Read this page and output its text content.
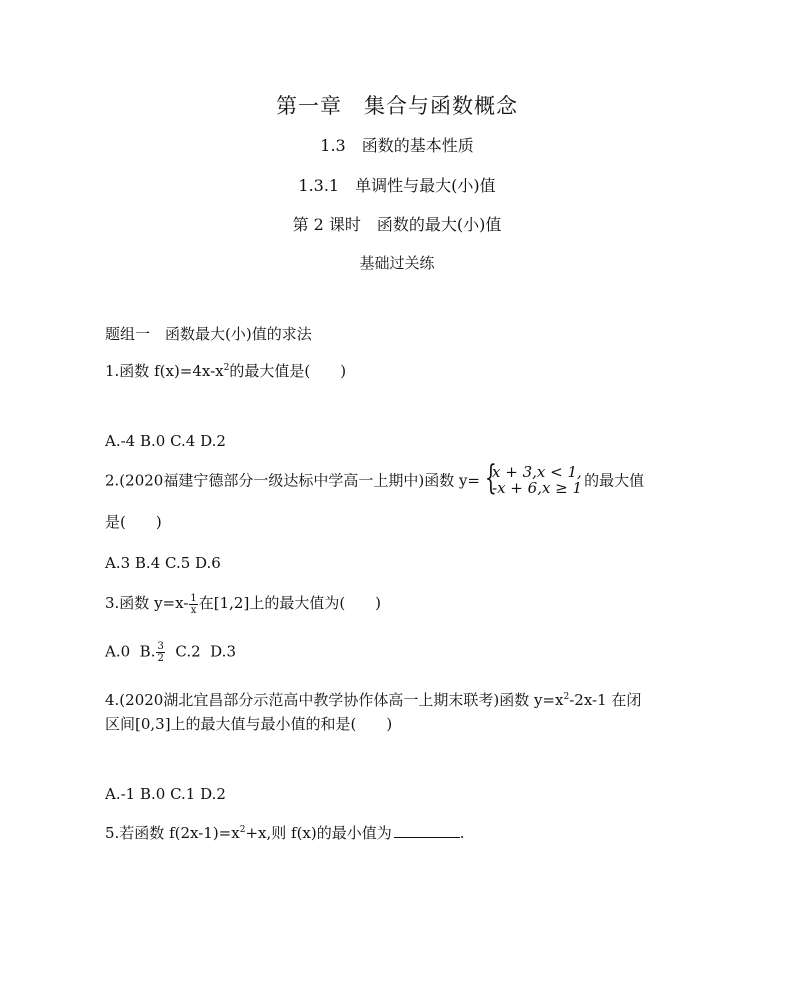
第一章　集合与函数概念
1.3　函数的基本性质
1.3.1　单调性与最大(小)值
第 2 课时　函数的最大(小)值
基础过关练
题组一　函数最大(小)值的求法
1.函数 $f(x)=4x-x^2$的最大值是(　　)
A.-4 B.0 C.4 D.2
2.(2020福建宁德部分一级达标中学高一上期中)函数 y= {
x + 3,x < 1,
-x + 6,x ≥ 1 的最大值
是(　　)
A.3 B.4 C.5 D.6
3.函数 $y=x- \frac{1}{x}$ 在[1,2]上的最大值为(　　)
A.0  B. $\frac{3}{2} C.2$  D.3
4.(2020湖北宜昌部分示范高中教学协作体高一上期末联考)函数 $y=x^2-2x-1$ 在闭
区间[0,3]上的最大值与最小值的和是(　　)
A.-1 B.0 C.1 D.2
5.若函数 $f(2x-1)=x^2+x$,则 f(x)的最小值为	.
